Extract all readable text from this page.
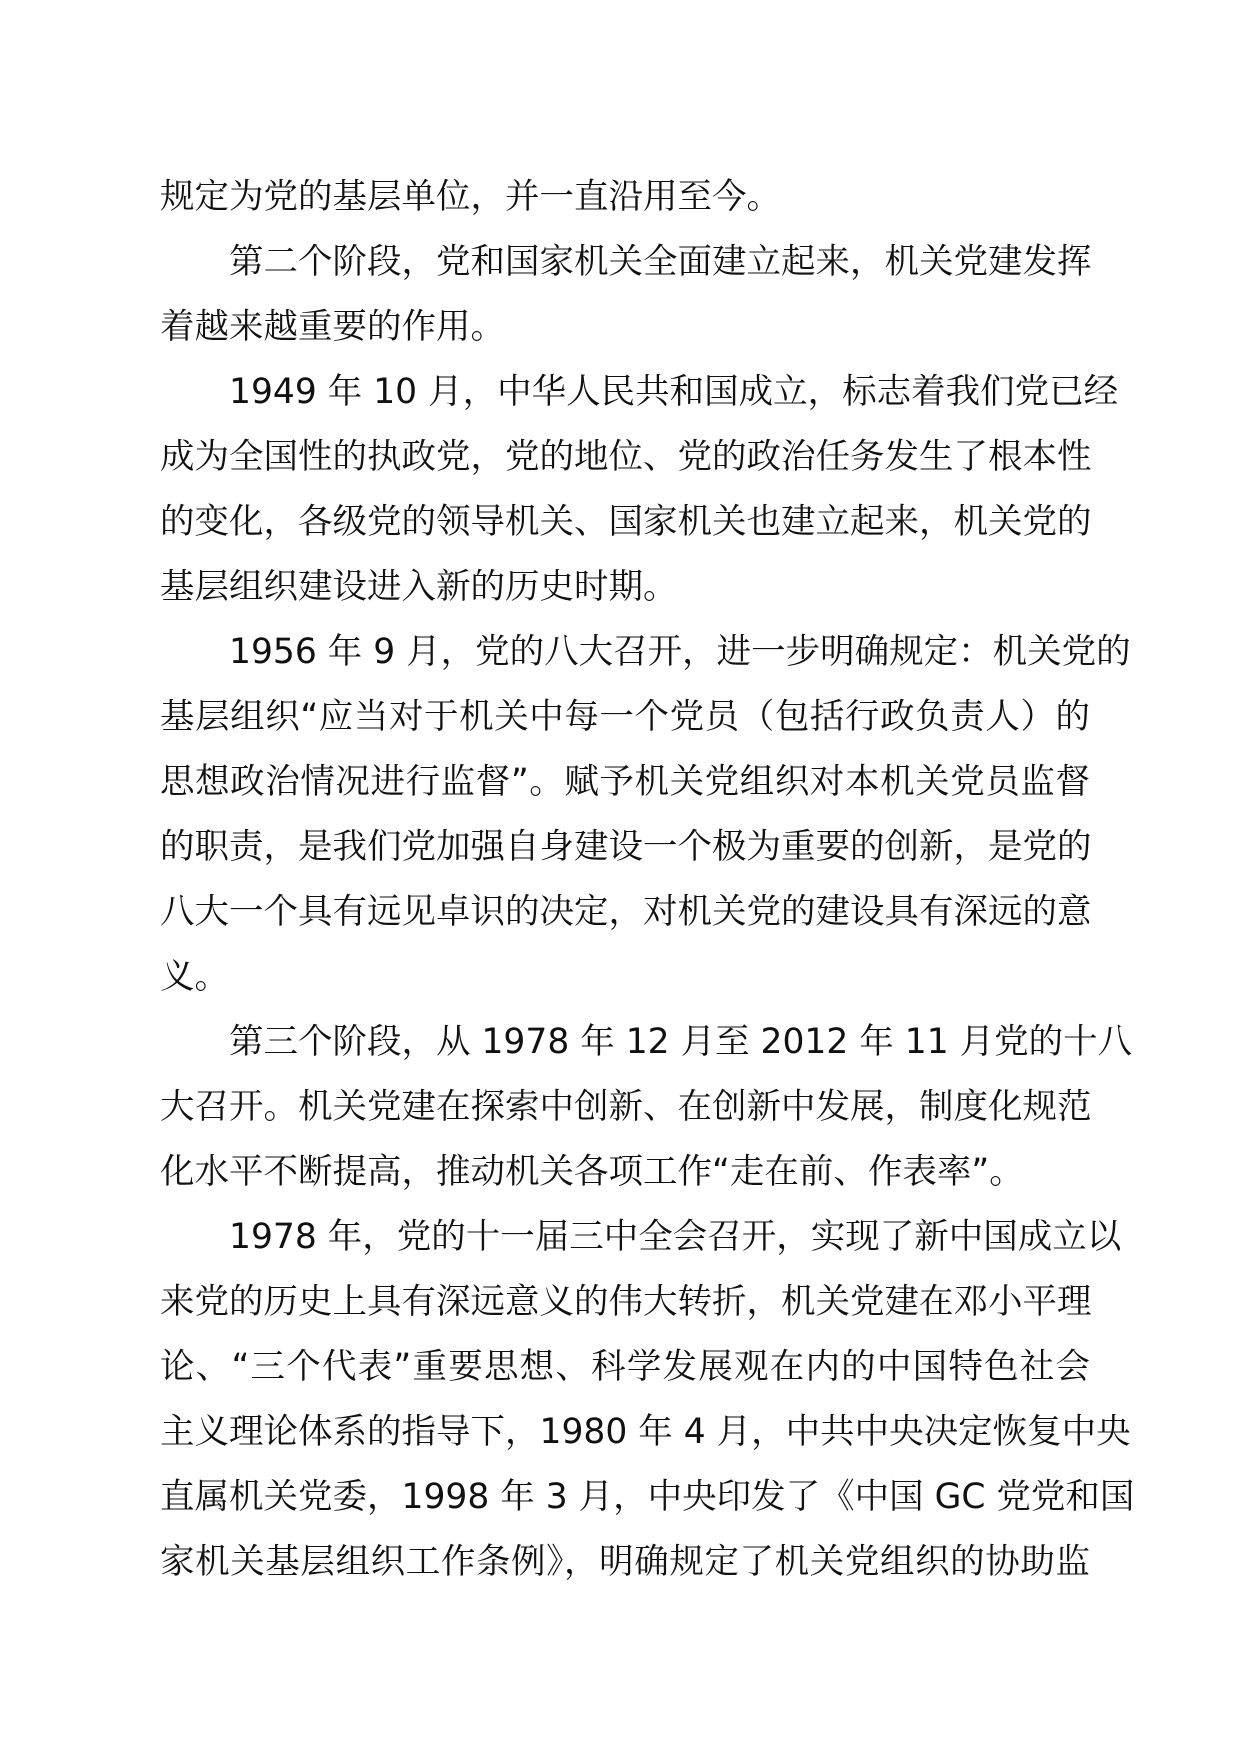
规定为党的基层单位，并一直沿用至今。
第二个阶段，党和国家机关全面建立起来，机关党建发挥
着越来越重要的作用。
1949 年 10 月，中华人民共和国成立，标志着我们党已经
成为全国性的执政党，党的地位、党的政治任务发生了根本性
的变化，各级党的领导机关、国家机关也建立起来，机关党的
基层组织建设进入新的历史时期。
1956 年 9 月，党的八大召开，进一步明确规定：机关党的
基层组织“应当对于机关中每一个党员（包括行政负责人）的
思想政治情况进行监督”。赋予机关党组织对本机关党员监督
的职责，是我们党加强自身建设一个极为重要的创新，是党的
八大一个具有远见卓识的决定，对机关党的建设具有深远的意
义。
第三个阶段，从 1978 年 12 月至 2012 年 11 月党的十八
大召开。机关党建在探索中创新、在创新中发展，制度化规范
化水平不断提高，推动机关各项工作“走在前、作表率”。
1978 年，党的十一届三中全会召开，实现了新中国成立以
来党的历史上具有深远意义的伟大转折，机关党建在邓小平理
论、“三个代表”重要思想、科学发展观在内的中国特色社会
主义理论体系的指导下，1980 年 4 月，中共中央决定恢复中央
直属机关党委，1998 年 3 月，中央印发了《中国 GC 党党和国
家机关基层组织工作条例》，明确规定了机关党组织的协助监
